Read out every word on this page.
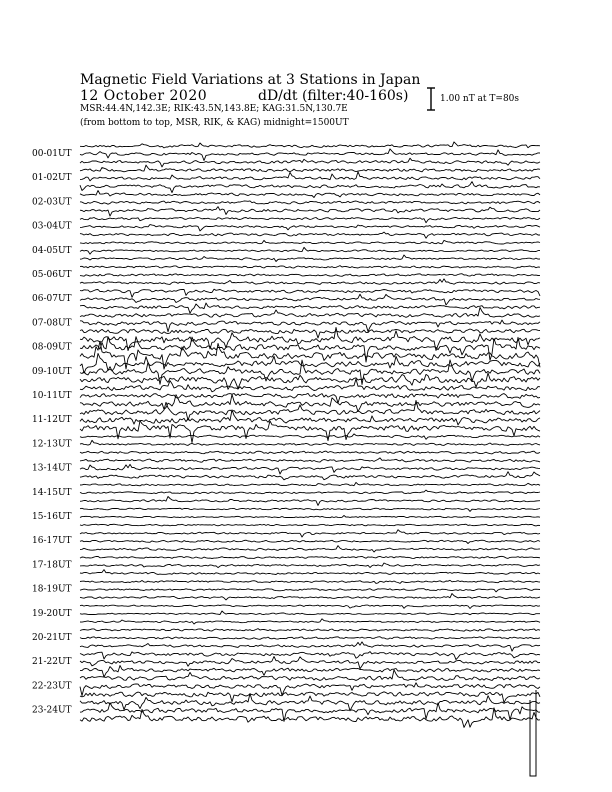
Magnetic Field Variations at 3 Stations in Japan
12 October 2020	dD/dt (filter:40-160s)
MSR:44.4N,142.3E; RIK:43.5N,143.8E; KAG:31.5N,130.7E
(from bottom to top, MSR, RIK, & KAG) midnight=1500UT
1.00 nT at T=80s
00-01UT
01-02UT
02-03UT
03-04UT
04-05UT
05-06UT
06-07UT
07-08UT
08-09UT
09-10UT
10-11UT
11-12UT
12-13UT
13-14UT
14-15UT
15-16UT
16-17UT
17-18UT
18-19UT
19-20UT
20-21UT
21-22UT
22-23UT
23-24UT
